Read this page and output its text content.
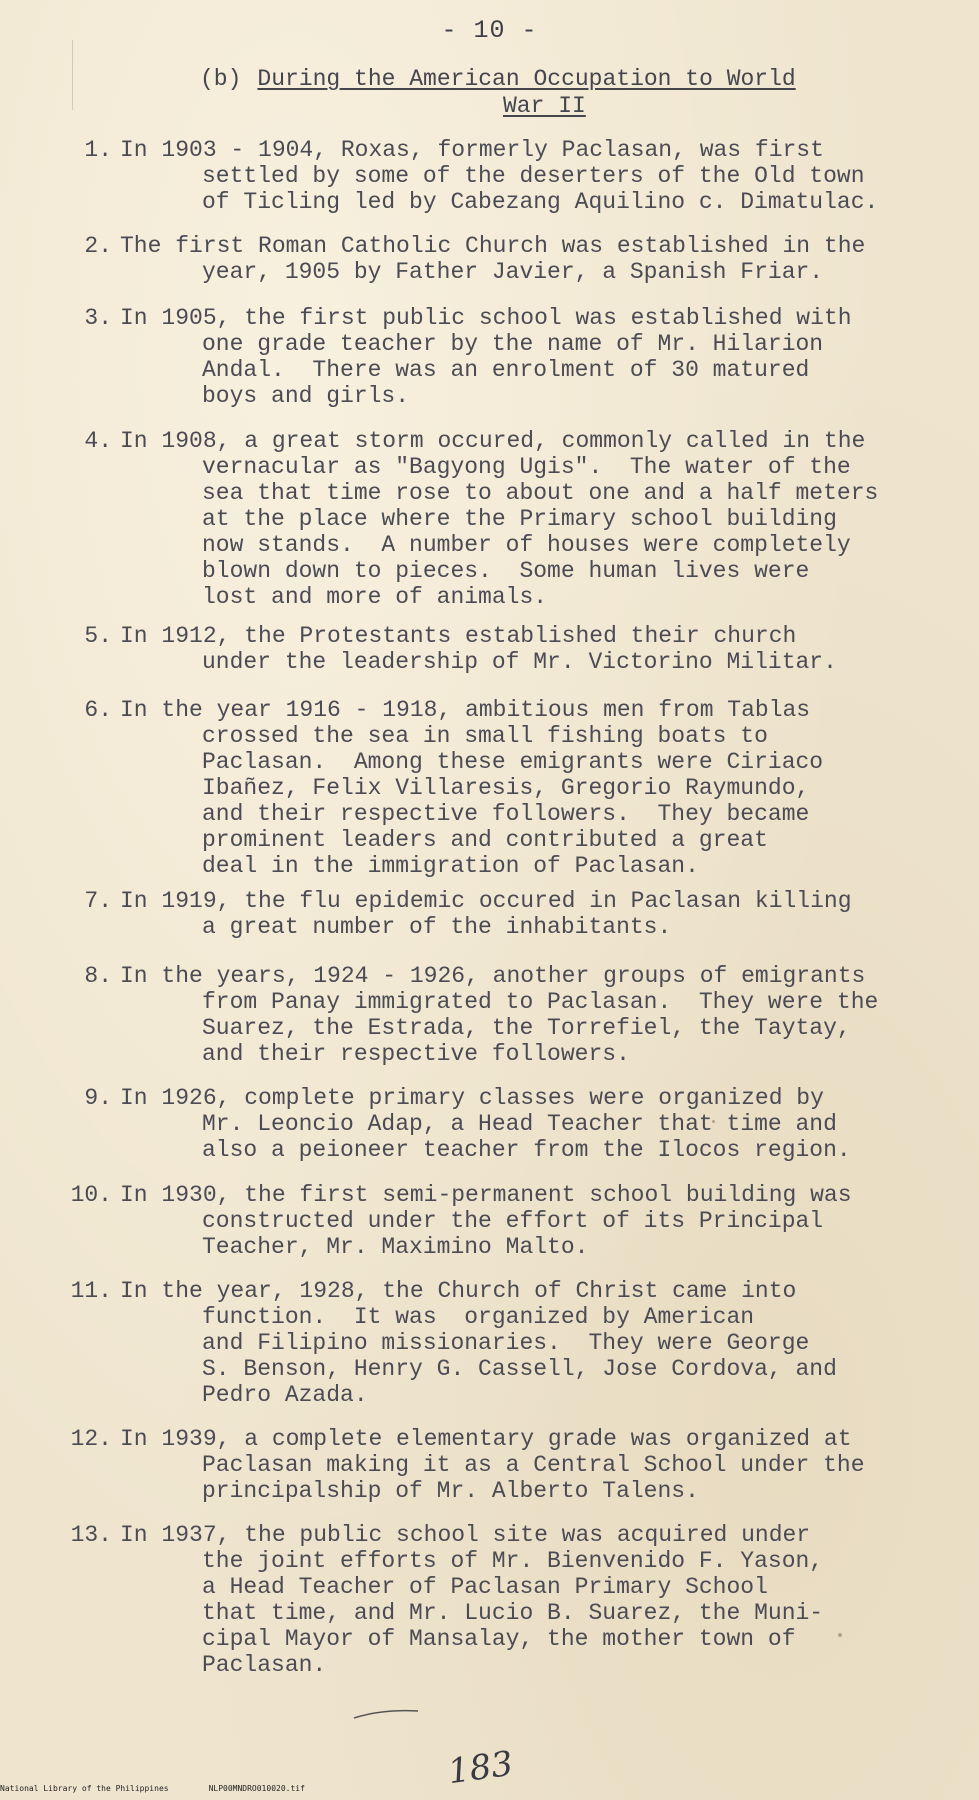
- 10 -
(b) During the American Occupation to World
War II
1. In 1903 - 1904, Roxas, formerly Paclasan, was first
settled by some of the deserters of the Old town
of Ticling led by Cabezang Aquilino c. Dimatulac.
2. The first Roman Catholic Church was established in the
year, 1905 by Father Javier, a Spanish Friar.
3. In 1905, the first public school was established with
one grade teacher by the name of Mr. Hilarion
Andal.  There was an enrolment of 30 matured
boys and girls.
4. In 1908, a great storm occured, commonly called in the
vernacular as "Bagyong Ugis".  The water of the
sea that time rose to about one and a half meters
at the place where the Primary school building
now stands.  A number of houses were completely
blown down to pieces.  Some human lives were
lost and more of animals.
5. In 1912, the Protestants established their church
under the leadership of Mr. Victorino Militar.
6. In the year 1916 - 1918, ambitious men from Tablas
crossed the sea in small fishing boats to
Paclasan.  Among these emigrants were Ciriaco
Ibañez, Felix Villaresis, Gregorio Raymundo,
and their respective followers.  They became
prominent leaders and contributed a great
deal in the immigration of Paclasan.
7. In 1919, the flu epidemic occured in Paclasan killing
a great number of the inhabitants.
8. In the years, 1924 - 1926, another groups of emigrants
from Panay immigrated to Paclasan.  They were the
Suarez, the Estrada, the Torrefiel, the Taytay,
and their respective followers.
9. In 1926, complete primary classes were organized by
Mr. Leoncio Adap, a Head Teacher that time and
also a peioneer teacher from the Ilocos region.
10. In 1930, the first semi-permanent school building was
constructed under the effort of its Principal
Teacher, Mr. Maximino Malto.
11. In the year, 1928, the Church of Christ came into
function.  It was  organized by American
and Filipino missionaries.  They were George
S. Benson, Henry G. Cassell, Jose Cordova, and
Pedro Azada.
12. In 1939, a complete elementary grade was organized at
Paclasan making it as a Central School under the
principalship of Mr. Alberto Talens.
13. In 1937, the public school site was acquired under
the joint efforts of Mr. Bienvenido F. Yason,
a Head Teacher of Paclasan Primary School
that time, and Mr. Lucio B. Suarez, the Muni-
cipal Mayor of Mansalay, the mother town of
Paclasan.
183
National Library of the Philippines	NLP00MNDRO010020.tif
